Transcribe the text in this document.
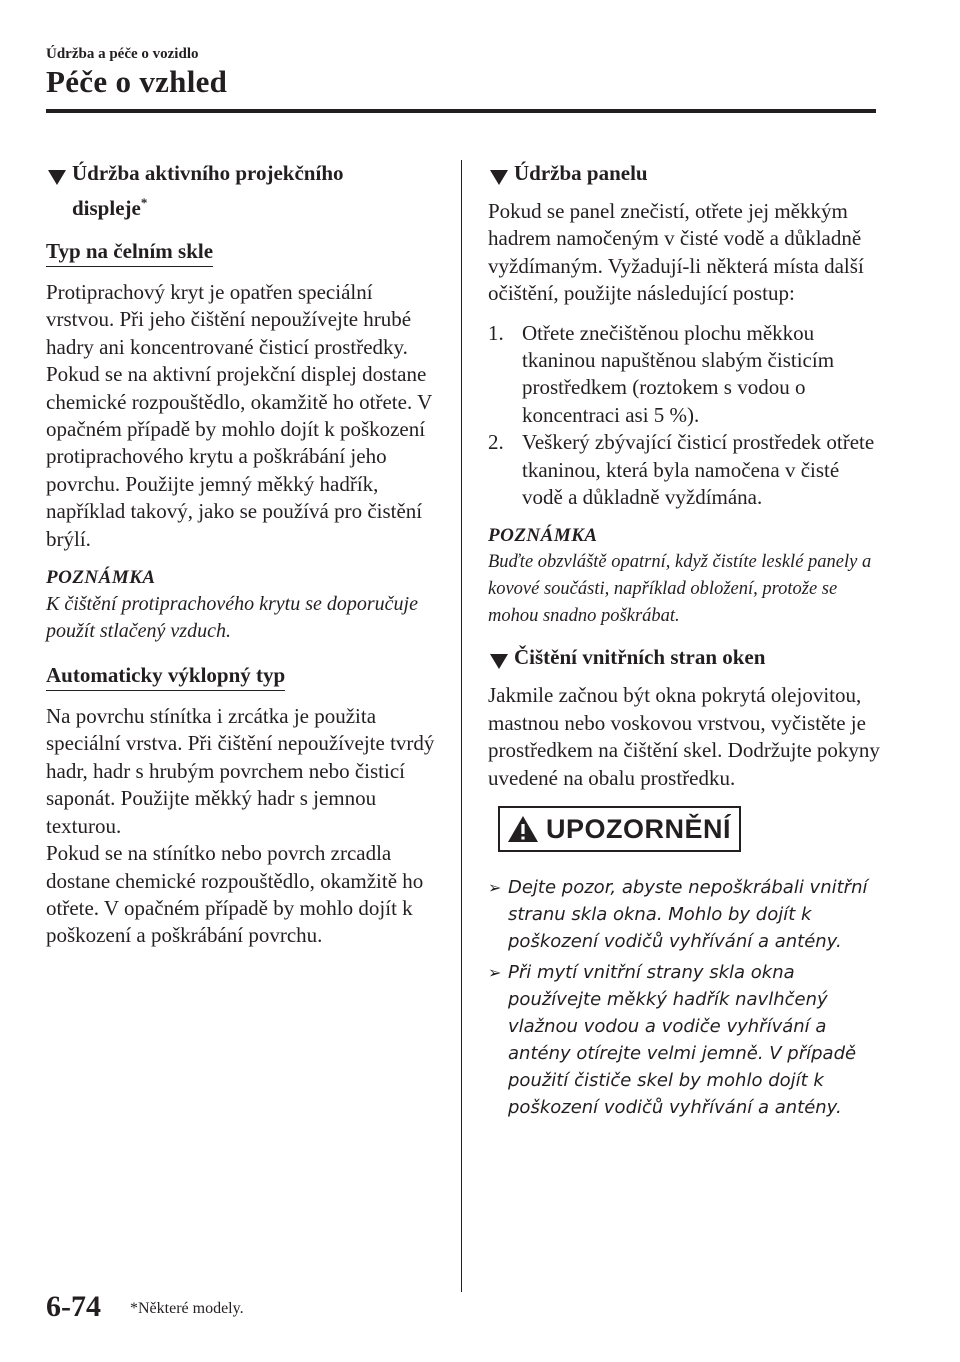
Údržba a péče o vozidlo
Péče o vzhled
Údržba aktivního projekčního
displeje*
Typ na čelním skle

Protiprachový kryt je opatřen speciální vrstvou. Při jeho čištění nepoužívejte hrubé hadry ani koncentrované čisticí prostředky. Pokud se na aktivní projekční displej dostane chemické rozpouštědlo, okamžitě ho otřete. V opačném případě by mohlo dojít k poškození protiprachového krytu a poškrábání jeho povrchu. Použijte jemný měkký hadřík, například takový, jako se používá pro čistění brýlí.

POZNÁMKA

K čištění protiprachového krytu se doporučuje použít stlačený vzduch.

Automaticky výklopný typ

Na povrchu stínítka i zrcátka je použita speciální vrstva. Při čištění nepoužívejte tvrdý hadr, hadr s hrubým povrchem nebo čisticí saponát. Použijte měkký hadr s jemnou texturou.

Pokud se na stínítko nebo povrch zrcadla dostane chemické rozpouštědlo, okamžitě ho otřete. V opačném případě by mohlo dojít k poškození a poškrábání povrchu.

Údržba panelu

Pokud se panel znečistí, otřete jej měkkým hadrem namočeným v čisté vodě a důkladně vyždímaným. Vyžadují-li některá místa další očištění, použijte následující postup:

1. Otřete znečištěnou plochu měkkou tkaninou napuštěnou slabým čisticím prostředkem (roztokem s vodou o koncentraci asi 5 %).
2. Veškerý zbývající čisticí prostředek otřete tkaninou, která byla namočena v čisté vodě a důkladně vyždímána.

POZNÁMKA

Buďte obzvláště opatrní, když čistíte lesklé panely a kovové součásti, například obložení, protože se mohou snadno poškrábat.

Čištění vnitřních stran oken

Jakmile začnou být okna pokrytá olejovitou, mastnou nebo voskovou vrstvou, vyčistěte je prostředkem na čištění skel. Dodržujte pokyny uvedené na obalu prostředku.

UPOZORNĚNÍ
➢ Dejte pozor, abyste nepoškrábali vnitřní stranu skla okna. Mohlo by dojít k poškození vodičů vyhřívání a antény.
➢ Při mytí vnitřní strany skla okna používejte měkký hadřík navlhčený vlažnou vodou a vodiče vyhřívání a antény otírejte velmi jemně. V případě použití čističe skel by mohlo dojít k poškození vodičů vyhřívání a antény.
6-74 *Některé modely.
